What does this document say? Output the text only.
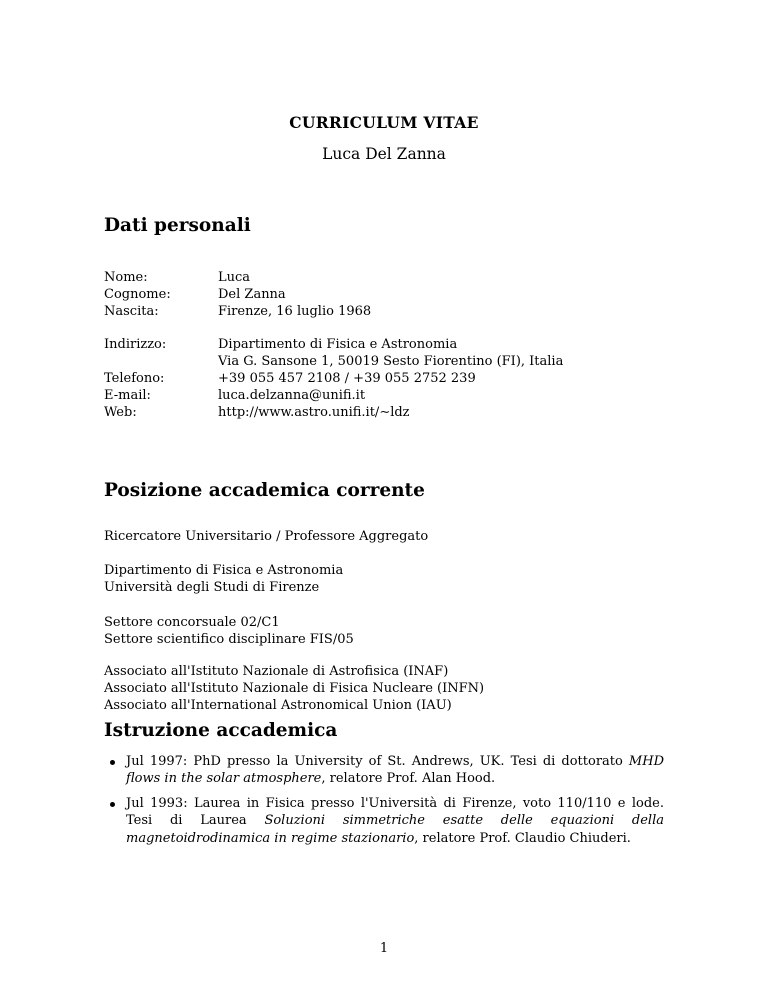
CURRICULUM VITAE
Luca Del Zanna
Dati personali
Nome:	Luca
Cognome:	Del Zanna
Nascita:	Firenze, 16 luglio 1968
Indirizzo:	Dipartimento di Fisica e Astronomia
Via G. Sansone 1, 50019 Sesto Fiorentino (FI), Italia
Telefono:	+39 055 457 2108 / +39 055 2752 239
E-mail:	luca.delzanna@unifi.it
Web:	http://www.astro.unifi.it/∼ldz
Posizione accademica corrente
Ricercatore Universitario / Professore Aggregato
Dipartimento di Fisica e Astronomia
Università degli Studi di Firenze
Settore concorsuale 02/C1
Settore scientifico disciplinare FIS/05
Associato all'Istituto Nazionale di Astrofisica (INAF)
Associato all'Istituto Nazionale di Fisica Nucleare (INFN)
Associato all'International Astronomical Union (IAU)
Istruzione accademica
Jul 1997: PhD presso la University of St. Andrews, UK. Tesi di dottorato MHD flows in the solar atmosphere, relatore Prof. Alan Hood.
Jul 1993: Laurea in Fisica presso l'Università di Firenze, voto 110/110 e lode. Tesi di Laurea Soluzioni simmetriche esatte delle equazioni della magnetoidrodinamica in regime stazionario, relatore Prof. Claudio Chiuderi.
1
